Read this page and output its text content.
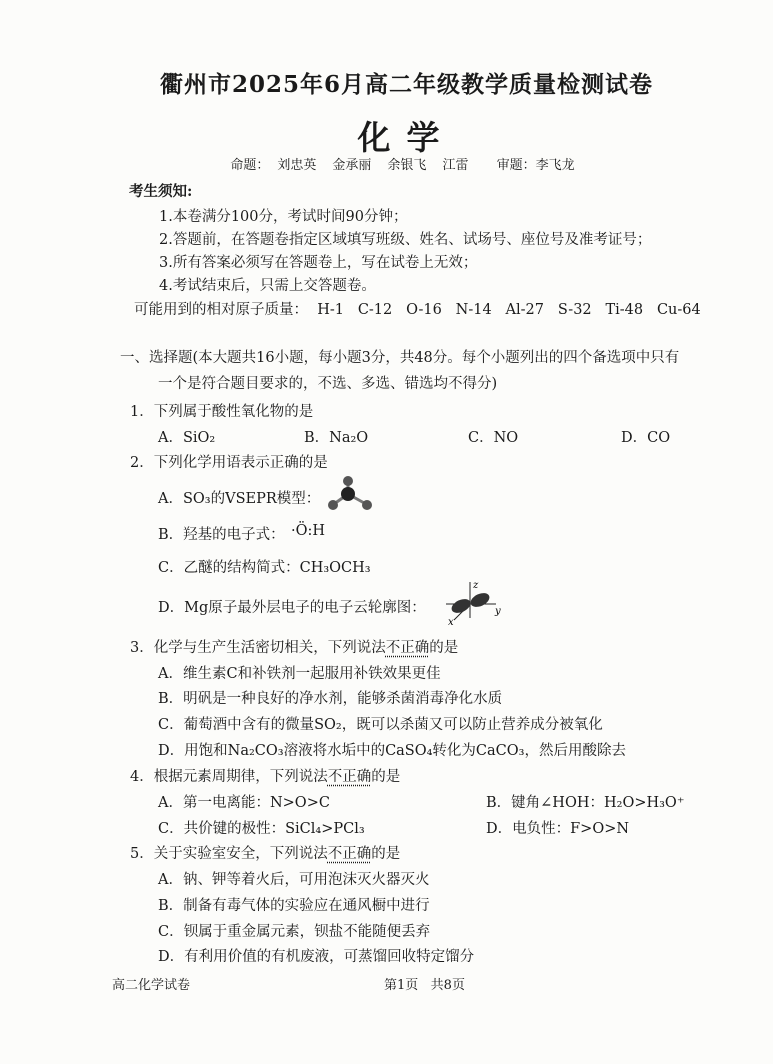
衢州市2025年6月高二年级教学质量检测试卷
化学
命题： 刘忠英 金承丽 余银飞 江雷 审题：李飞龙
考生须知:
1.本卷满分100分，考试时间90分钟；
2.答题前，在答题卷指定区域填写班级、姓名、试场号、座位号及准考证号；
3.所有答案必须写在答题卷上，写在试卷上无效；
4.考试结束后，只需上交答题卷。
可能用到的相对原子质量：  H-1   C-12   O-16   N-14   Al-27   S-32   Ti-48   Cu-64
一、选择题(本大题共16小题，每小题3分，共48分。每个小题列出的四个备选项中只有
一个是符合题目要求的，不选、多选、错选均不得分)
1．下列属于酸性氧化物的是
A．SiO₂	B．Na₂O	C．NO	D．CO
2．下列化学用语表示正确的是
A．SO₃的VSEPR模型：
B．羟基的电子式： ·Ö:H
C．乙醚的结构简式：CH₃OCH₃
D．Mg原子最外层电子的电子云轮廓图：
z
y
x
3．化学与生产生活密切相关，下列说法不正确的是
A．维生素C和补铁剂一起服用补铁效果更佳
B．明矾是一种良好的净水剂，能够杀菌消毒净化水质
C．葡萄酒中含有的微量SO₂，既可以杀菌又可以防止营养成分被氧化
D．用饱和Na₂CO₃溶液将水垢中的CaSO₄转化为CaCO₃，然后用酸除去
4．根据元素周期律，下列说法不正确的是
A．第一电离能：N>O>C	B．键角∠HOH：H₂O>H₃O⁺
C．共价键的极性：SiCl₄>PCl₃	D．电负性：F>O>N
5．关于实验室安全，下列说法不正确的是
A．钠、钾等着火后，可用泡沫灭火器灭火
B．制备有毒气体的实验应在通风橱中进行
C．钡属于重金属元素，钡盐不能随便丢弃
D．有利用价值的有机废液，可蒸馏回收特定馏分
高二化学试卷	第1页   共8页
